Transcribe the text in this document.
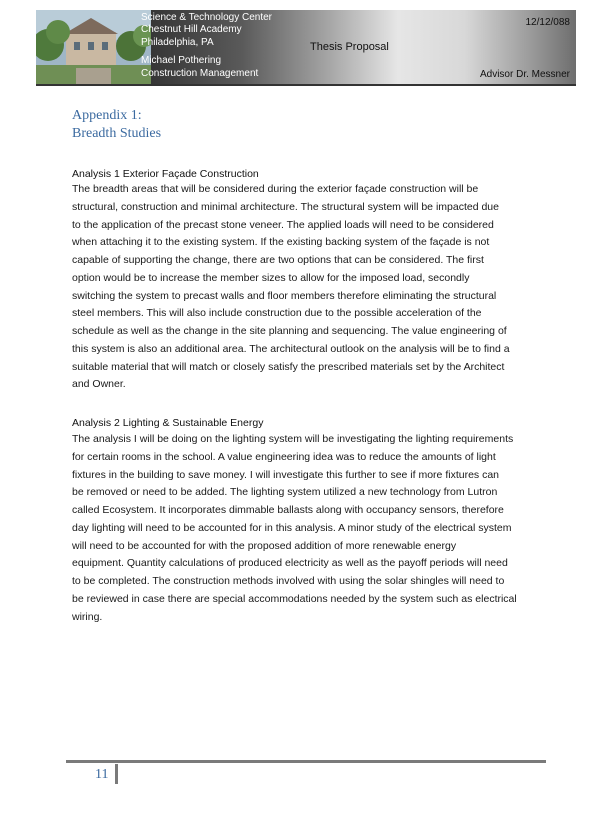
Science & Technology Center
Chestnut Hill Academy
Philadelphia, PA
Michael Pothering
Construction Management
12/12/088
Thesis Proposal
Advisor Dr. Messner
Appendix 1:
Breadth Studies
Analysis 1 Exterior Façade Construction
The breadth areas that will be considered during the exterior façade construction will be
structural, construction and minimal architecture. The structural system will be impacted due
to the application of the precast stone veneer. The applied loads will need to be considered
when attaching it to the existing system. If the existing backing system of the façade is not
capable of supporting the change, there are two options that can be considered. The first
option would be to increase the member sizes to allow for the imposed load, secondly
switching the system to precast walls and floor members therefore eliminating the structural
steel members. This will also include construction due to the possible acceleration of the
schedule as well as the change in the site planning and sequencing. The value engineering of
this system is also an additional area. The architectural outlook on the analysis will be to find a
suitable material that will match or closely satisfy the prescribed materials set by the Architect
and Owner.
Analysis 2 Lighting & Sustainable Energy
The analysis I will be doing on the lighting system will be investigating the lighting requirements
for certain rooms in the school. A value engineering idea was to reduce the amounts of light
fixtures in the building to save money. I will investigate this further to see if more fixtures can
be removed or need to be added. The lighting system utilized a new technology from Lutron
called Ecosystem. It incorporates dimmable ballasts along with occupancy sensors, therefore
day lighting will need to be accounted for in this analysis. A minor study of the electrical system
will need to be accounted for with the proposed addition of more renewable energy
equipment. Quantity calculations of produced electricity as well as the payoff periods will need
to be completed. The construction methods involved with using the solar shingles will need to
be reviewed in case there are special accommodations needed by the system such as electrical
wiring.
11
